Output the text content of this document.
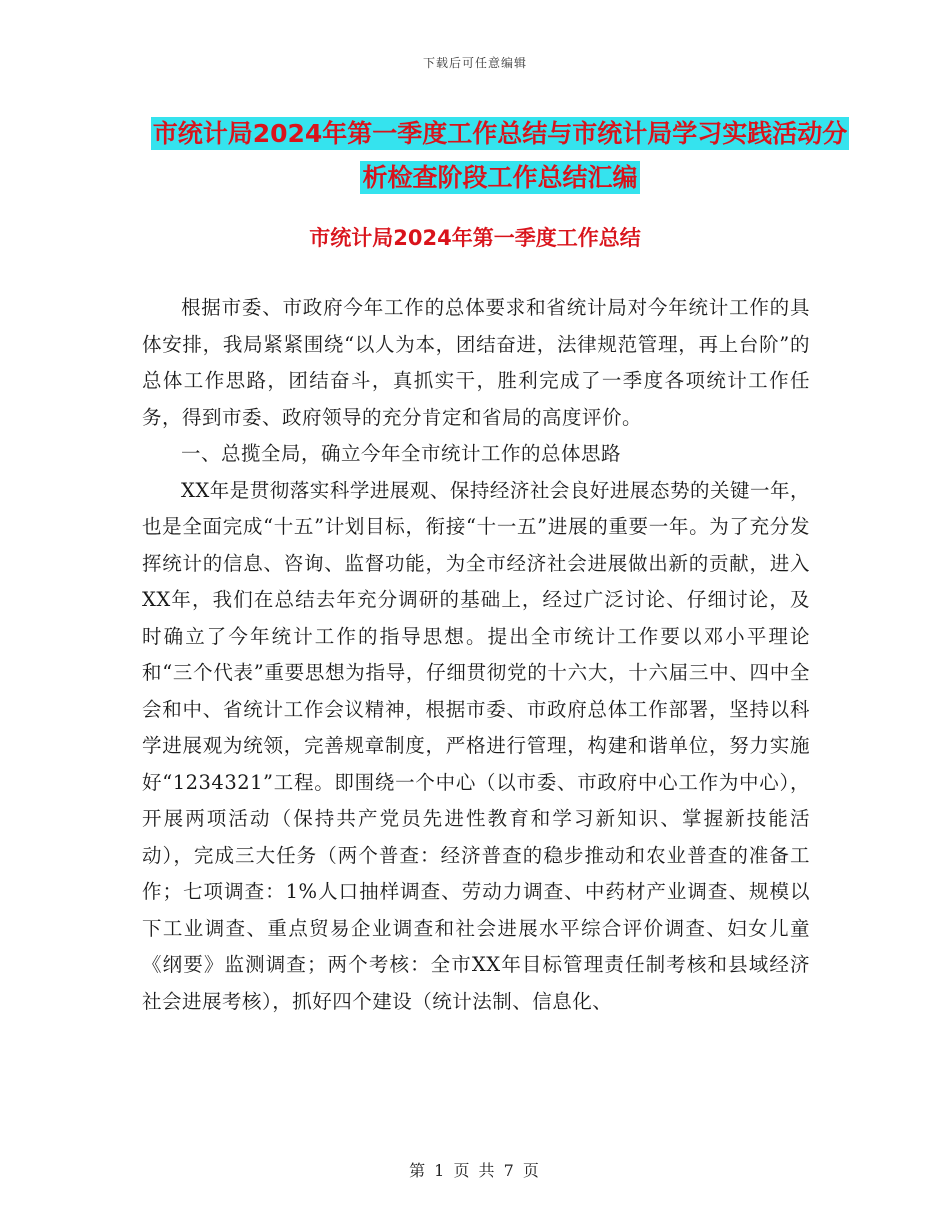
下载后可任意编辑
市统计局2024年第一季度工作总结与市统计局学习实践活动分析检查阶段工作总结汇编
市统计局2024年第一季度工作总结

根据市委、市政府今年工作的总体要求和省统计局对今年统计工作的具体安排，我局紧紧围绕“以人为本，团结奋进，法律规范管理，再上台阶”的总体工作思路，团结奋斗，真抓实干，胜利完成了一季度各项统计工作任务，得到市委、政府领导的充分肯定和省局的高度评价。

一、总揽全局，确立今年全市统计工作的总体思路

XX年是贯彻落实科学进展观、保持经济社会良好进展态势的关键一年，也是全面完成“十五”计划目标，衔接“十一五”进展的重要一年。为了充分发挥统计的信息、咨询、监督功能，为全市经济社会进展做出新的贡献，进入XX年，我们在总结去年充分调研的基础上，经过广泛讨论、仔细讨论，及时确立了今年统计工作的指导思想。提出全市统计工作要以邓小平理论和“三个代表”重要思想为指导，仔细贯彻党的十六大，十六届三中、四中全会和中、省统计工作会议精神，根据市委、市政府总体工作部署，坚持以科学进展观为统领，完善规章制度，严格进行管理，构建和谐单位，努力实施好“1234321”工程。即围绕一个中心（以市委、市政府中心工作为中心），开展两项活动（保持共产党员先进性教育和学习新知识、掌握新技能活动），完成三大任务（两个普查：经济普查的稳步推动和农业普查的准备工作；七项调查：1%人口抽样调查、劳动力调查、中药材产业调查、规模以下工业调查、重点贸易企业调查和社会进展水平综合评价调查、妇女儿童《纲要》监测调查；两个考核：全市XX年目标管理责任制考核和县域经济社会进展考核），抓好四个建设（统计法制、信息化、

第 1 页 共 7 页
